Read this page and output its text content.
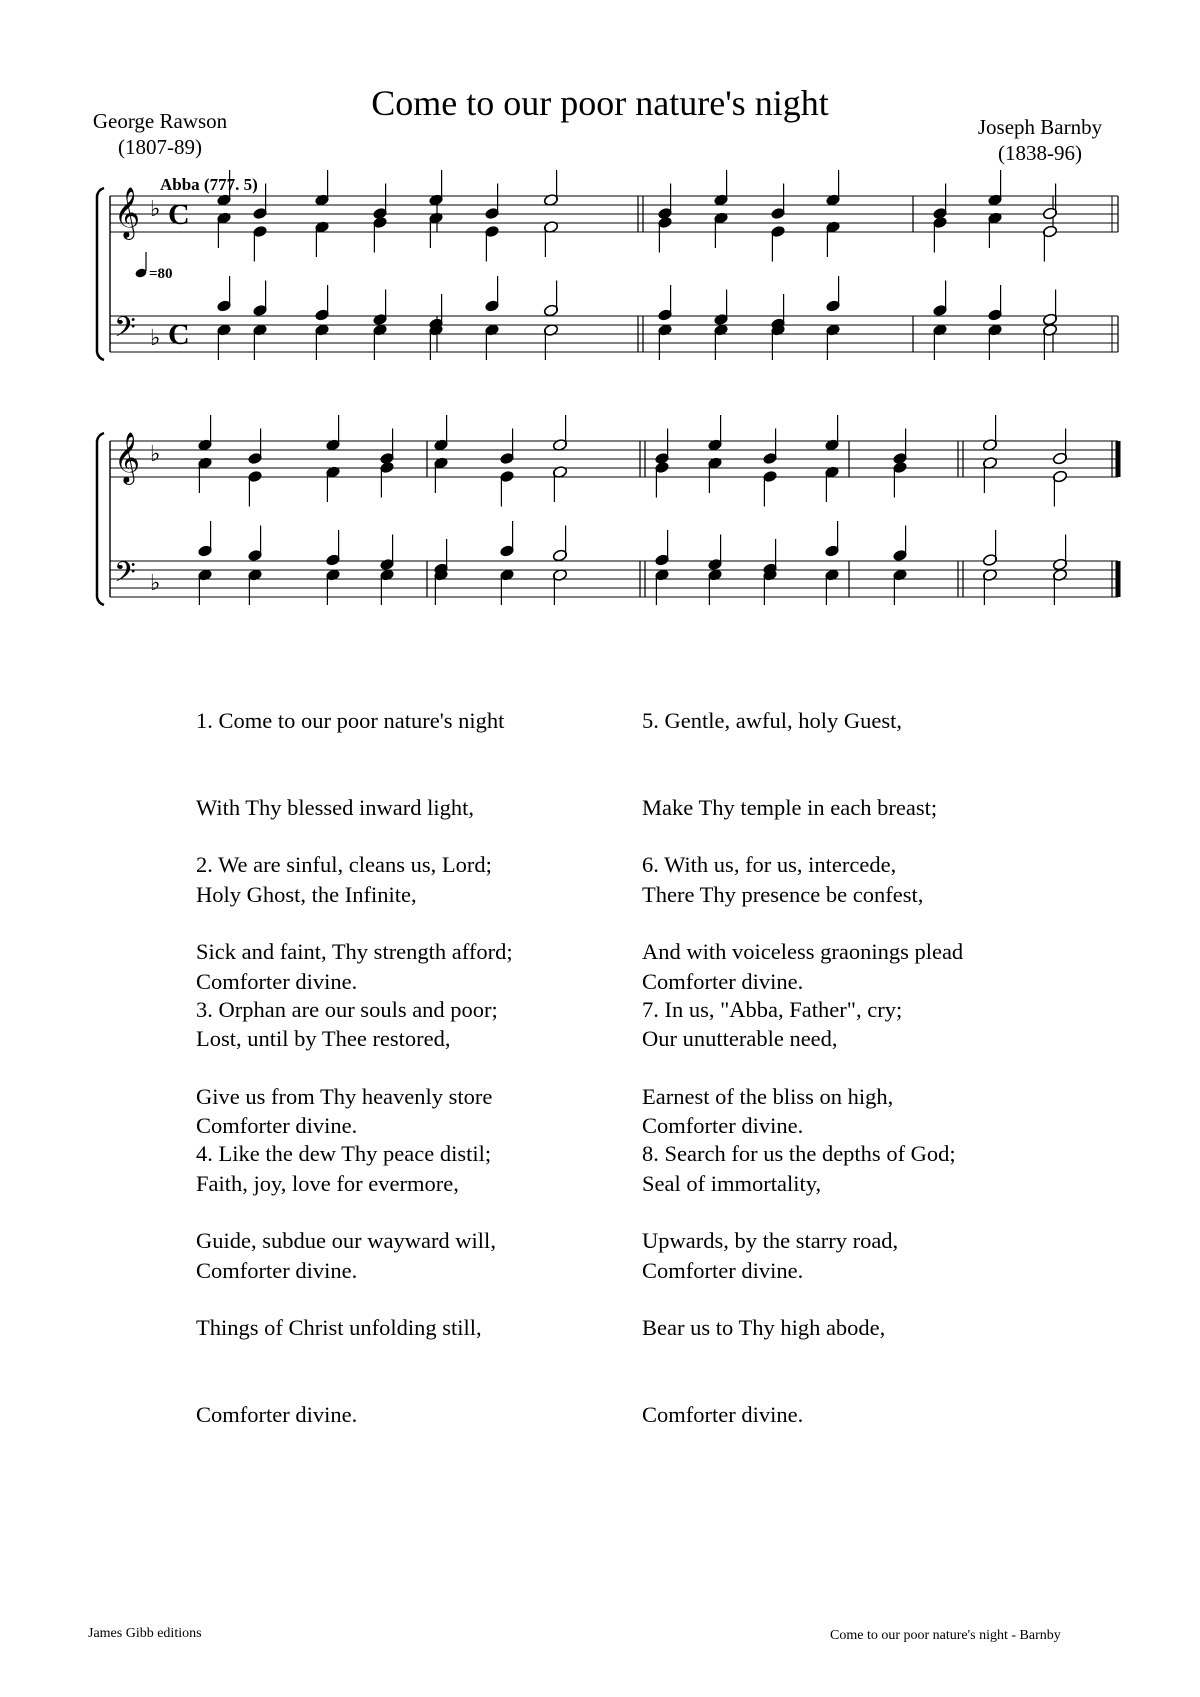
Come to our poor nature's night
George Rawson
(1807-89)
Joseph Barnby
(1838-96)
Abba (777. 5)
=80
𝄞 ♭ C
𝄢 ♭ C
𝄞 ♭
𝄢 ♭

1. Come to our poor nature's night

With Thy blessed inward light,

Holy Ghost, the Infinite,

Comforter divine.

2. We are sinful, cleans us, Lord;

Sick and faint, Thy strength afford;

Lost, until by Thee restored,

Comforter divine.

3. Orphan are our souls and poor;

Give us from Thy heavenly store

Faith, joy, love for evermore,

Comforter divine.

4. Like the dew Thy peace distil;

Guide, subdue our wayward will,

Things of Christ unfolding still,

Comforter divine.

5. Gentle, awful, holy Guest,

Make Thy temple in each breast;

There Thy presence be confest,

Comforter divine.

6. With us, for us, intercede,

And with voiceless graonings plead

Our unutterable need,

Comforter divine.

7. In us, "Abba, Father", cry;

Earnest of the bliss on high,

Seal of immortality,

Comforter divine.

8. Search for us the depths of God;

Upwards, by the starry road,

Bear us to Thy high abode,

Comforter divine.

James Gibb editions	Come to our poor nature's night - Barnby
